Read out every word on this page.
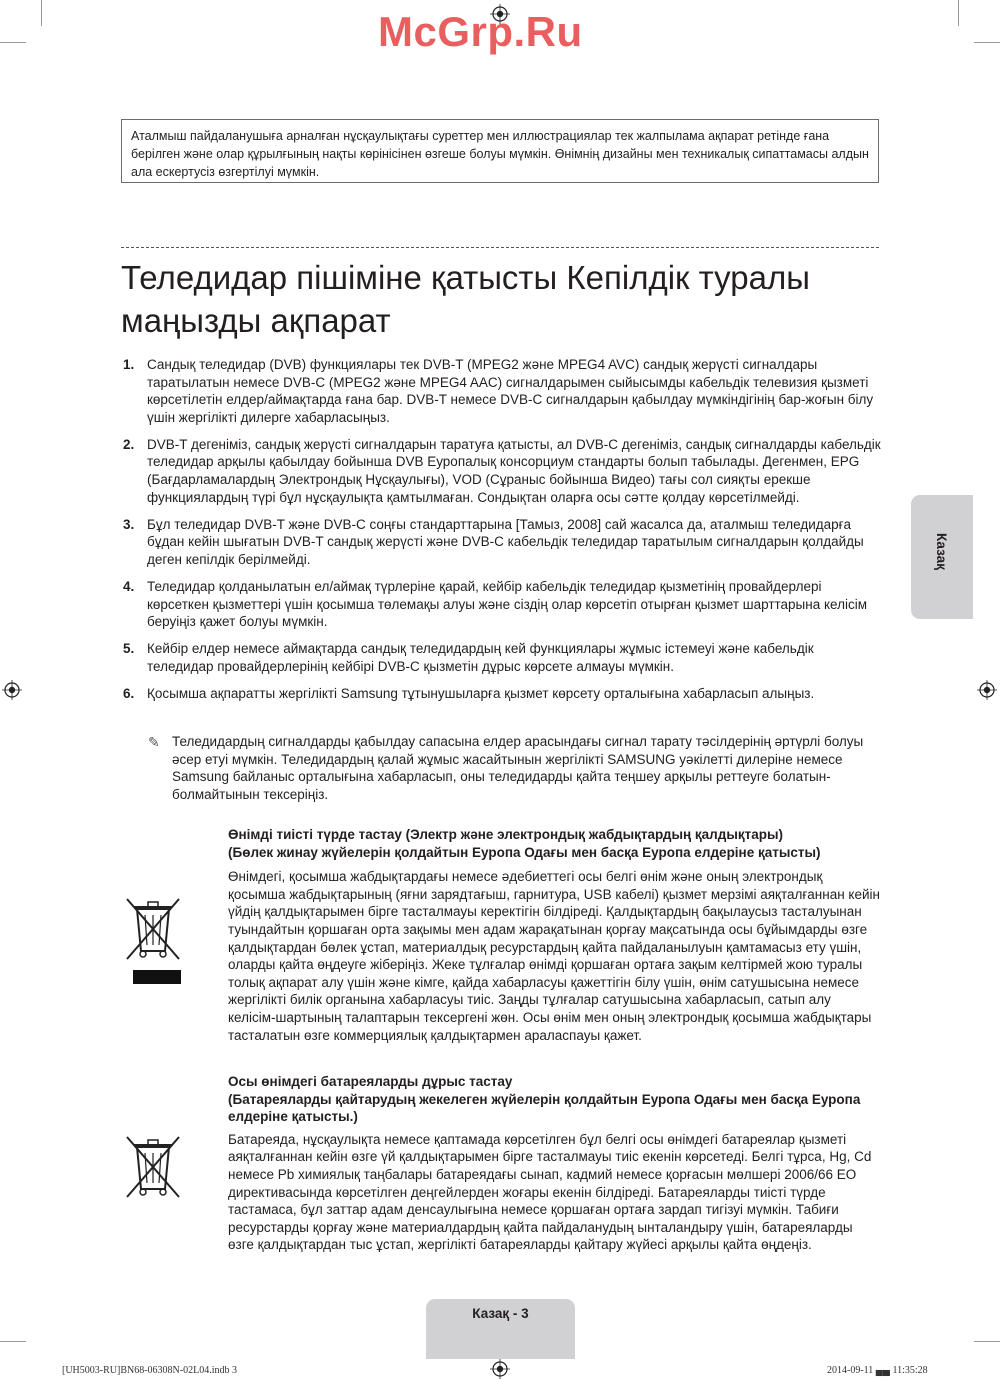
McGrp.Ru
Аталмыш пайдаланушыға арналған нұсқаулықтағы суреттер мен иллюстрациялар тек жалпылама ақпарат ретінде ғана берілген және олар құрылғының нақты көрінісінен өзгеше болуы мүмкін. Өнімнің дизайны мен техникалық сипаттамасы алдын ала ескертусіз өзгертілуі мүмкін.
Теледидар пішіміне қатысты Кепілдік туралы маңызды ақпарат
1. Сандық теледидар (DVB) функциялары тек DVB-T (MPEG2 және MPEG4 AVC) сандық жерүсті сигналдары таратылатын немесе DVB-C (MPEG2 және MPEG4 AAC) сигналдарымен сыйысымды кабельдік телевизия қызметі көрсетілетін елдер/аймақтарда ғана бар. DVB-T немесе DVB-C сигналдарын қабылдау мүмкіндігінің бар-жоғын білу үшін жергілікті дилерге хабарласыңыз.
2. DVB-T дегеніміз, сандық жерүсті сигналдарын таратуға қатысты, ал DVB-C дегеніміз, сандық сигналдарды кабельдік теледидар арқылы қабылдау бойынша DVB Еуропалық консорциум стандарты болып табылады. Дегенмен, EPG (Бағдарламалардың Электрондық Нұсқаулығы), VOD (Сұраныс бойынша Видео) тағы сол сияқты ерекше функциялардың түрі бұл нұсқаулықта қамтылмаған. Сондықтан оларға осы сәтте қолдау көрсетілмейді.
3. Бұл теледидар DVB-T және DVB-C соңғы стандарттарына [Тамыз, 2008] сай жасалса да, аталмыш теледидарға бұдан кейін шығатын DVB-T сандық жерүсті және DVB-C кабельдік теледидар таратылым сигналдарын қолдайды деген кепілдік берілмейді.
4. Теледидар қолданылатын ел/аймақ түрлеріне қарай, кейбір кабельдік теледидар қызметінің провайдерлері көрсеткен қызметтері үшін қосымша төлемақы алуы және сіздің олар көрсетіп отырған қызмет шарттарына келісім беруіңіз қажет болуы мүмкін.
5. Кейбір елдер немесе аймақтарда сандық теледидардың кей функциялары жұмыс істемеуі және кабельдік теледидар провайдерлерінің кейбірі DVB-C қызметін дұрыс көрсете алмауы мүмкін.
6. Қосымша ақпаратты жергілікті Samsung тұтынушыларға қызмет көрсету орталығына хабарласып алыңыз.
✎ Теледидардың сигналдарды қабылдау сапасына елдер арасындағы сигнал тарату тәсілдерінің әртүрлі болуы әсер етуі мүмкін. Теледидардың қалай жұмыс жасайтынын жергілікті SAMSUNG уәкілетті дилеріне немесе Samsung байланыс орталығына хабарласып, оны теледидарды қайта теңшеу арқылы реттеуге болатын-болмайтынын тексеріңіз.
Казақ
Өнімді тиісті түрде тастау (Электр және электрондық жабдықтардың қалдықтары)
(Бөлек жинау жүйелерін қолдайтын Еуропа Одағы мен басқа Еуропа елдеріне қатысты)
Өнімдегі, қосымша жабдықтардағы немесе әдебиеттегі осы белгі өнім және оның электрондық қосымша жабдықтарының (яғни зарядтағыш, гарнитура, USB кабелі) қызмет мерзімі аяқталғаннан кейін үйдің қалдықтарымен бірге тасталмауы керектігін білдіреді. Қалдықтардың бақылаусыз тасталуынан туындайтын қоршаған орта зақымы мен адам жарақатынан қорғау мақсатында осы бұйымдарды өзге қалдықтардан бөлек ұстап, материалдық ресурстардың қайта пайдаланылуын қамтамасыз ету үшін, оларды қайта өңдеуге жіберіңіз. Жеке тұлғалар өнімді қоршаған ортаға зақым келтірмей жою туралы толық ақпарат алу үшін және кімге, қайда хабарласуы қажеттігін білу үшін, өнім сатушысына немесе жергілікті билік органына хабарласуы тиіс. Заңды тұлғалар сатушысына хабарласып, сатып алу келісім-шартының талаптарын тексергені жөн. Осы өнім мен оның электрондық қосымша жабдықтары тасталатын өзге коммерциялық қалдықтармен араласпауы қажет.
Осы өнімдегі батареяларды дұрыс тастау
(Батареяларды қайтарудың жекелеген жүйелерін қолдайтын Еуропа Одағы мен басқа Еуропа елдеріне қатысты.)
Батареяда, нұсқаулықта немесе қаптамада көрсетілген бұл белгі осы өнімдегі батареялар қызметі аяқталғаннан кейін өзге үй қалдықтарымен бірге тасталмауы тиіс екенін көрсетеді. Белгі тұрса, Hg, Cd немесе Pb химиялық таңбалары батареядағы сынап, кадмий немесе қорғасын мөлшері 2006/66 ЕО директивасында көрсетілген деңгейлерден жоғары екенін білдіреді. Батареяларды тиісті түрде тастамаса, бұл заттар адам денсаулығына немесе қоршаған ортаға зардап тигізуі мүмкін. Табиғи ресурстарды қорғау және материалдардың қайта пайдаланудың ынталандыру үшін, батареяларды өзге қалдықтардан тыс ұстап, жергілікті батареяларды қайтару жүйесі арқылы қайта өңдеңіз.
Казақ - 3
[UH5003-RU]BN68-06308N-02L04.indb 3	2014-09-11 ▄▄ 11:35:28
